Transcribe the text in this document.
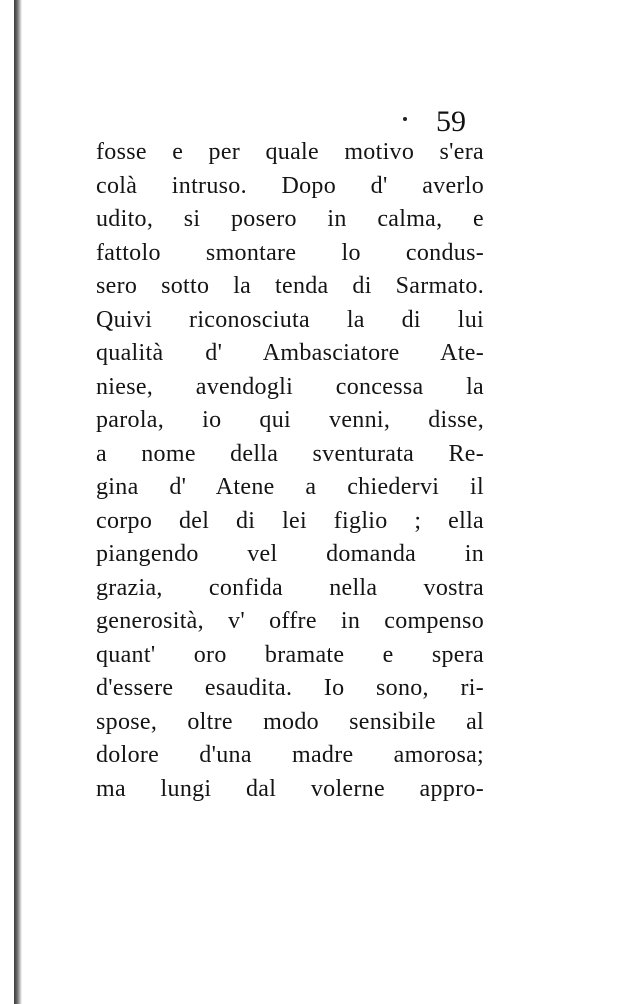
59
fosse e per quale motivo s'era
colà intruso. Dopo d' averlo
udito, si posero in calma, e
fattolo smontare lo condus-
sero sotto la tenda di Sarmato.
Quivi riconosciuta la di lui
qualità d' Ambasciatore Ate-
niese, avendogli concessa la
parola, io qui venni, disse,
a nome della sventurata Re-
gina d' Atene a chiedervi il
corpo del di lei figlio ; ella
piangendo vel domanda in
grazia, confida nella vostra
generosità, v' offre in compenso
quant' oro bramate e spera
d'essere esaudita. Io sono, ri-
spose, oltre modo sensibile al
dolore d'una madre amorosa;
ma lungi dal volerne appro-
